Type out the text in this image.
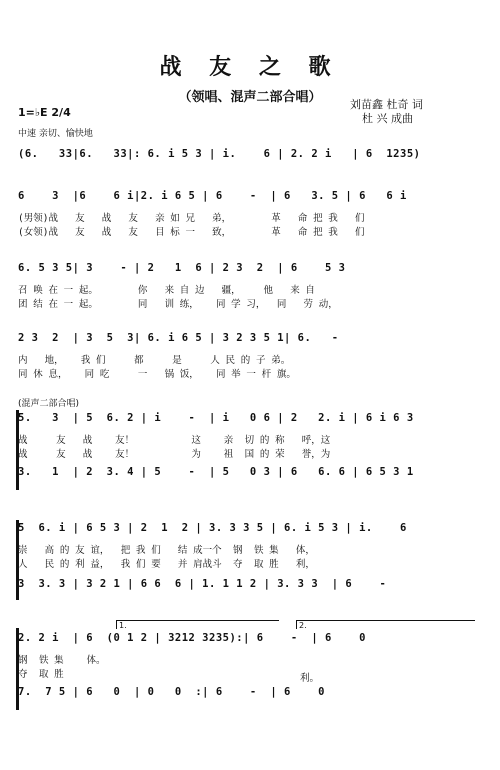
战 友 之 歌
（领唱、混声二部合唱）	刘苗鑫 杜奇 词
杜 兴 成曲
1=♭E 2/4
中速 亲切、愉快地
(6.   33|6.   33|: 6. i 5 3 | i.    6 | 2. 2 i   | 6  1235)
6    3  |6    6 i|2. i 6 5 | 6    -  | 6   3. 5 | 6   6 i
(男领)战   友   战   友   亲 如 兄   弟，       革   命 把 我   们
(女领)战   友   战   友   目 标 一   致，       革   命 把 我   们
6. 5 3 5| 3    - | 2   1  6 | 2 3  2  | 6    5 3
召 唤 在 一 起。       你   来 自 边   疆，    他   来 自
团 结 在 一 起。       同   训 练，   同 学 习，  同   劳 动，
2 3  2  | 3  5  3| 6. i 6 5 | 3 2 3 5 1| 6.   -
内   地，   我 们     都     是     人 民 的 子 弟。
同 休 息，   同 吃     一   锅 饭，   同 举 一 杆 旗。
(混声二部合唱)
5.   3  | 5  6. 2 | i    -  | i   0 6 | 2   2. i | 6 i 6 3
战     友   战    友！          这    亲  切 的 称   呼，这
战     友   战    友！          为    祖  国 的 荣   誉，为
3.   1  | 2  3. 4 | 5    -  | 5   0 3 | 6   6. 6 | 6 5 3 1
5  6. i | 6 5 3 | 2  1  2 | 3. 3 3 5 | 6. i 5 3 | i.    6
崇   高 的 友 谊，  把 我 们   结 成一个  钢  铁 集   体，
人   民 的 利 益，  我 们 要   并 肩战斗  夺  取 胜   利，
3  3. 3 | 3 2 1 | 6 6  6 | 1. 1 1 2 | 3. 3 3  | 6    -
1.	2.
2. 2 i  | 6  (0 1 2 | 3212 3235):| 6    -  | 6    0
钢  铁 集    体。
夺  取 胜	利。
7.  7 5 | 6   0  | 0   0  :| 6    -  | 6    0
